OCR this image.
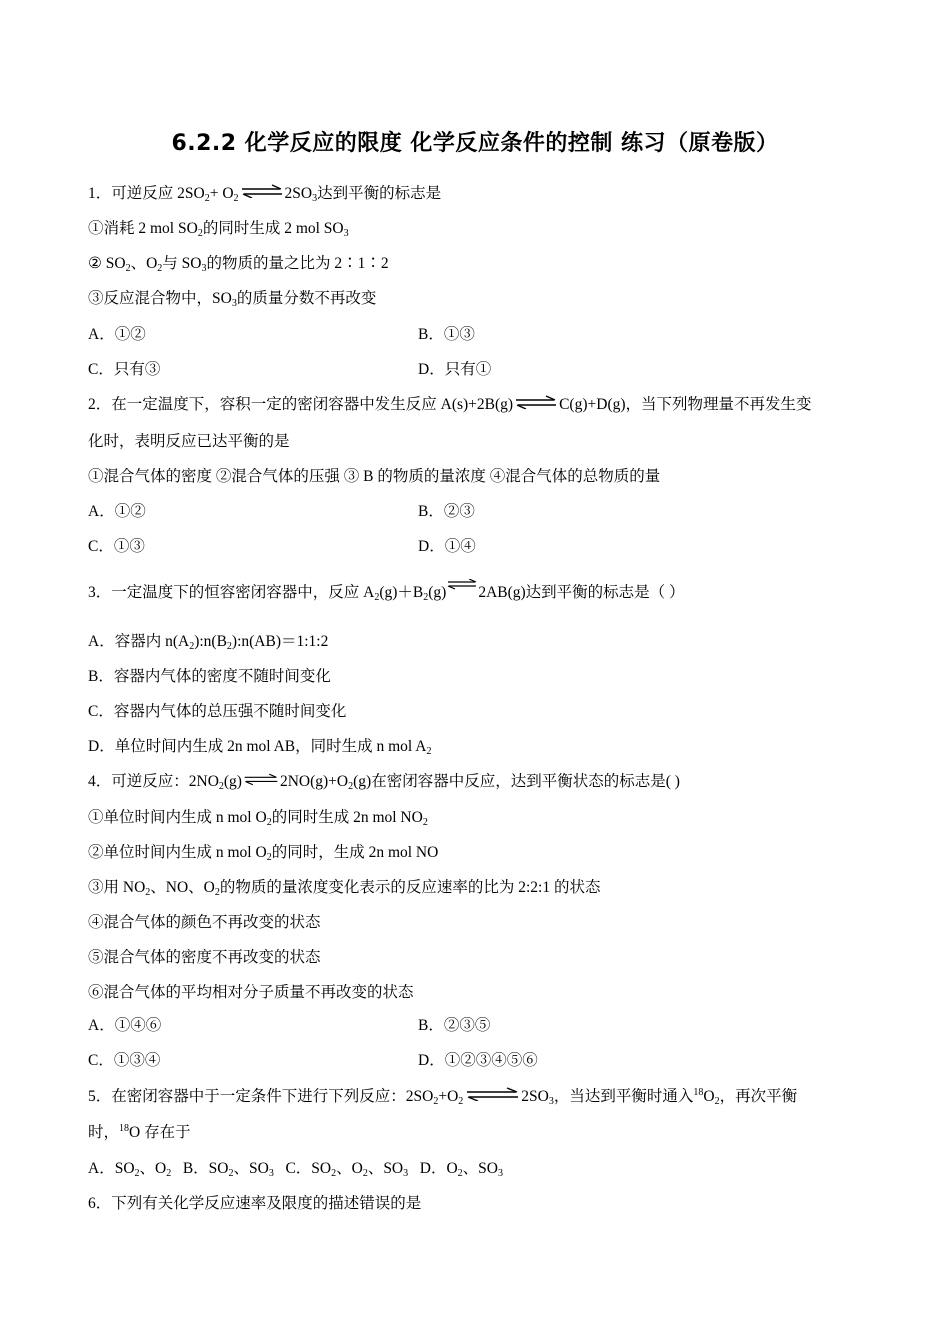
6.2.2 化学反应的限度 化学反应条件的控制 练习（原卷版）
1．可逆反应 $2SO_2+ O_2$ $\rightleftharpoons 2SO_3$达到平衡的标志是
①消耗 2 mol $SO_2$的同时生成 2 mol $SO_3$
② $SO_2$、$O_2$与 $SO_3$的物质的量之比为 2∶1∶2
③反应混合物中，$SO_3$的质量分数不再改变
A．①②	B．①③
C．只有③	D．只有①
2．在一定温度下，容积一定的密闭容器中发生反应 A(s)+2B(g)⇌C(g)+D(g)，当下列物理量不再发生变
化时，表明反应已达平衡的是
①混合气体的密度 ②混合气体的压强 ③ B 的物质的量浓度 ④混合气体的总物质的量
A．①②	B．②③
C．①③	D．①④
3．一定温度下的恒容密闭容器中，反应 $A_2(g)+B_2(g)\rightleftharpoons 2AB(g)$达到平衡的标志是（ ）
A．容器内 $n(A_2):n(B_2):n(AB)=1:1:2$
B．容器内气体的密度不随时间变化
C．容器内气体的总压强不随时间变化
D．单位时间内生成 2n mol AB，同时生成 n mol $A_2$
4．可逆反应：$2NO_2(g)\rightleftharpoons 2NO(g)+O_2(g)$在密闭容器中反应，达到平衡状态的标志是( )
①单位时间内生成 n mol $O_2$的同时生成 2n mol $NO_2$
②单位时间内生成 n mol $O_2$的同时，生成 2n mol NO
③用 $NO_2$、NO、$O_2$的物质的量浓度变化表示的反应速率的比为 2:2:1 的状态
④混合气体的颜色不再改变的状态
⑤混合气体的密度不再改变的状态
⑥混合气体的平均相对分子质量不再改变的状态
A．①④⑥	B．②③⑤
C．①③④	D．①②③④⑤⑥
5．在密闭容器中于一定条件下进行下列反应：$2SO_2+O_2$ $\rightleftharpoons 2SO_3$，当达到平衡时通入$^{18}O_2$，再次平衡
时，$^{18}$O 存在于
A．$SO_2$、$O_2$   B．$SO_2$、$SO_3$   C．$SO_2$、$O_2$、$SO_3$   D．$O_2$、$SO_3$
6．下列有关化学反应速率及限度的描述错误的是
